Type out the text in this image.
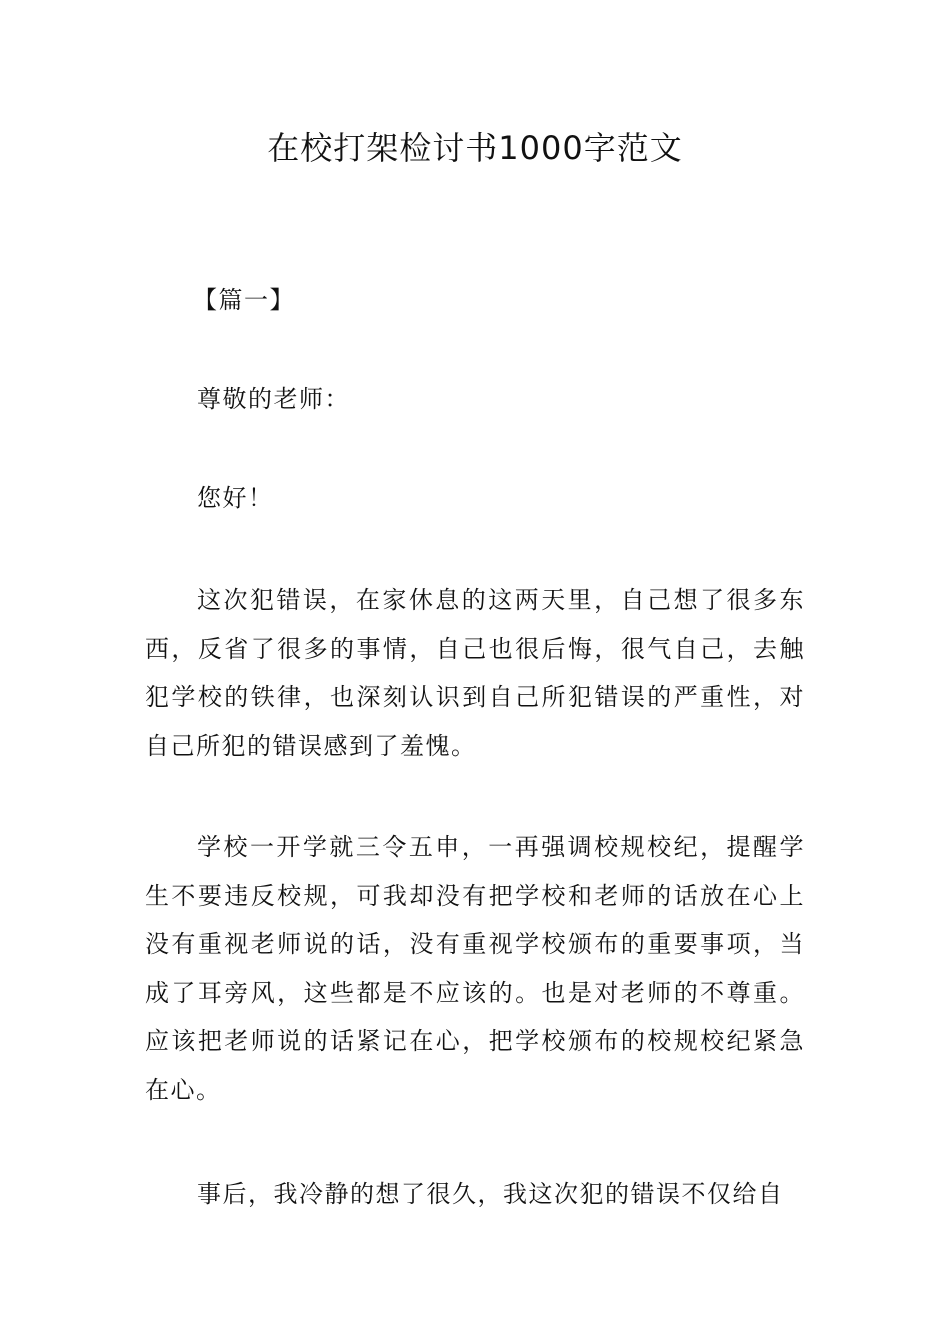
在校打架检讨书1000字范文
【篇一】
尊敬的老师：
您好！
这次犯错误，在家休息的这两天里，自己想了很多东西，反省了很多的事情，自己也很后悔，很气自己，去触犯学校的铁律，也深刻认识到自己所犯错误的严重性，对自己所犯的错误感到了羞愧。
学校一开学就三令五申，一再强调校规校纪，提醒学生不要违反校规，可我却没有把学校和老师的话放在心上没有重视老师说的话，没有重视学校颁布的重要事项，当成了耳旁风，这些都是不应该的。也是对老师的不尊重。应该把老师说的话紧记在心，把学校颁布的校规校纪紧急在心。
事后，我冷静的想了很久，我这次犯的错误不仅给自
